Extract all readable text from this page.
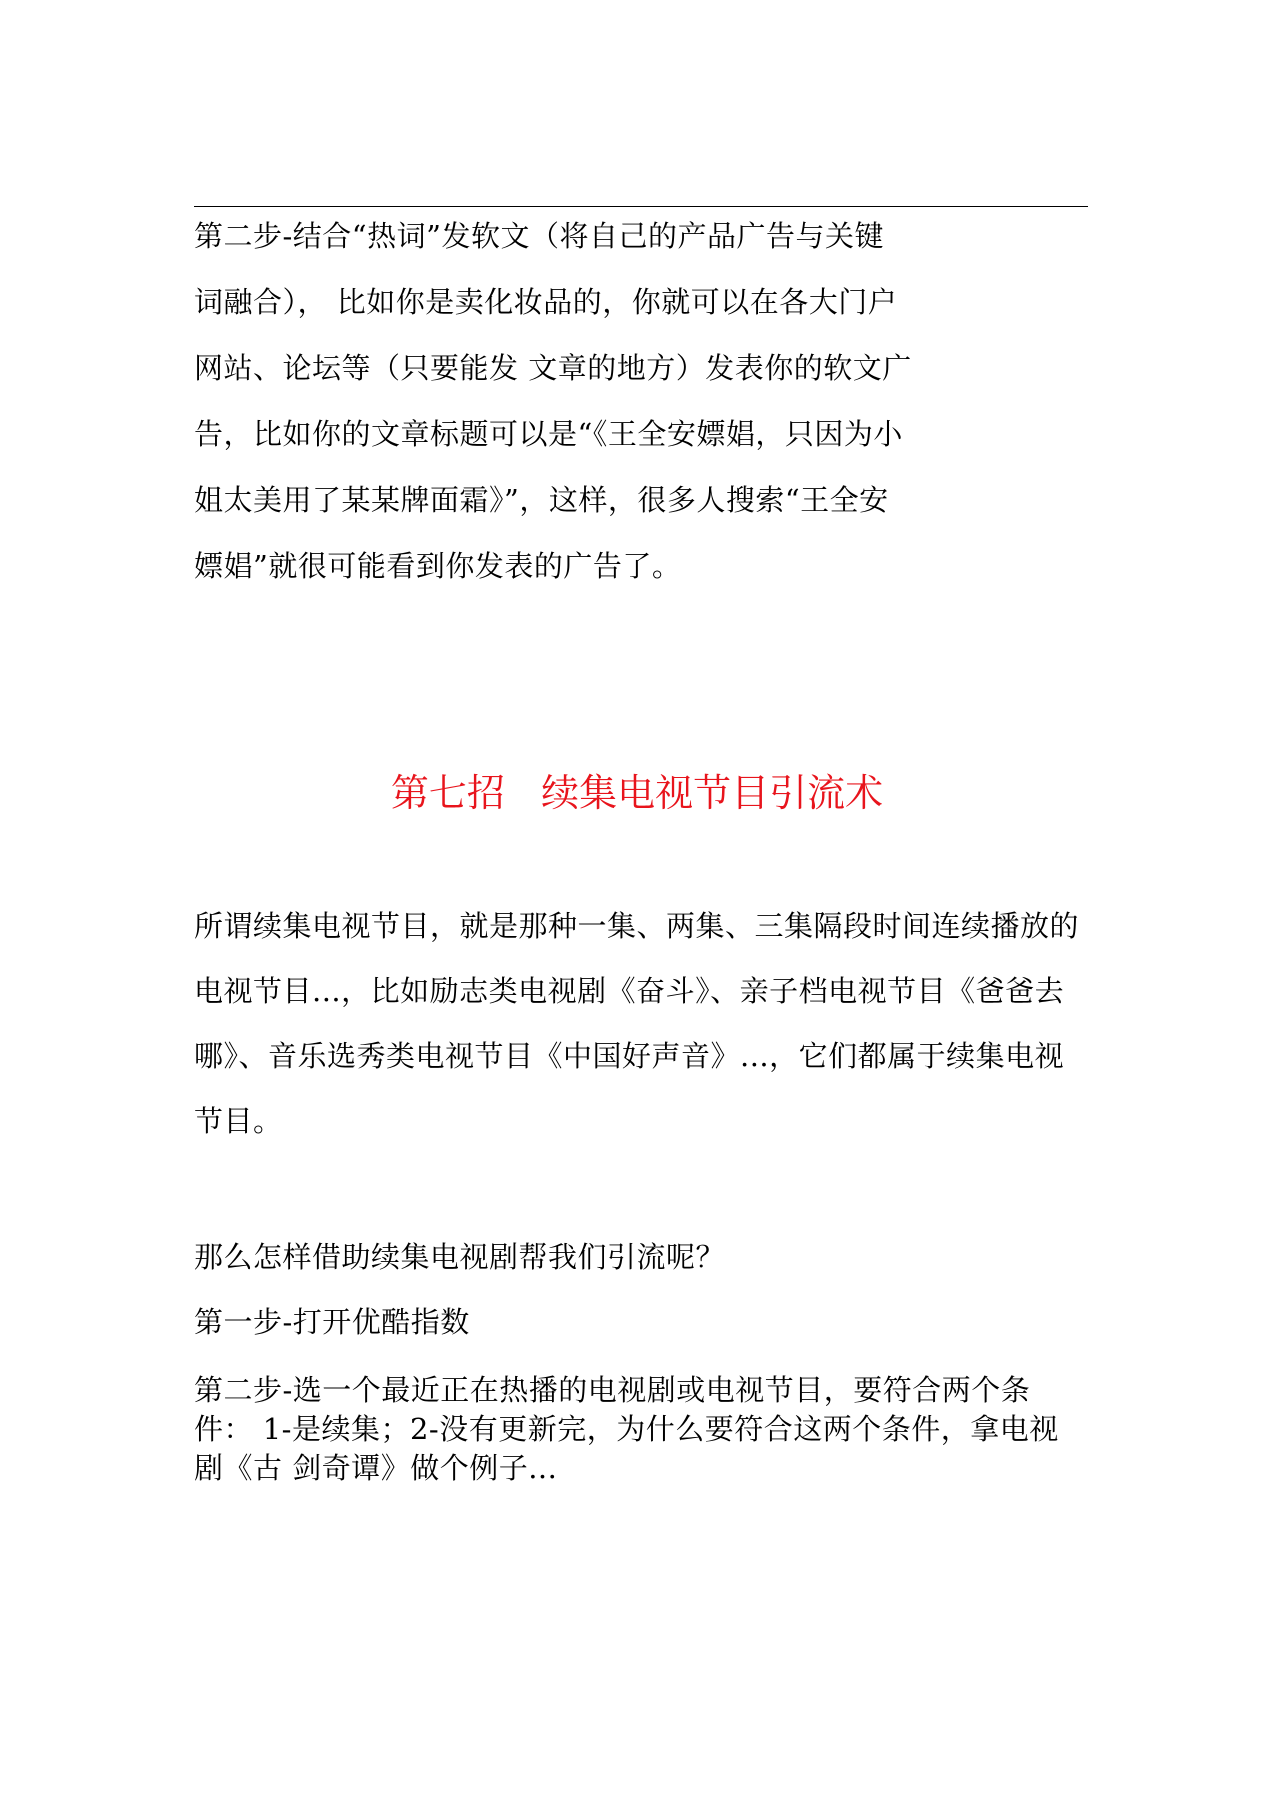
第二步-结合“热词”发软文（将自己的产品广告与关键
词融合）， 比如你是卖化妆品的，你就可以在各大门户
网站、论坛等（只要能发 文章的地方）发表你的软文广
告，比如你的文章标题可以是“《王全安嫖娼，只因为小
姐太美用了某某牌面霜》”，这样，很多人搜索“王全安
嫖娼”就很可能看到你发表的广告了。
第七招   续集电视节目引流术
所谓续集电视节目，就是那种一集、两集、三集隔段时间连续播放的
电视节目...，比如励志类电视剧《奋斗》、亲子档电视节目《爸爸去
哪》、音乐选秀类电视节目《中国好声音》...，它们都属于续集电视
节目。
那么怎样借助续集电视剧帮我们引流呢？
第一步-打开优酷指数
第二步-选一个最近正在热播的电视剧或电视节目，要符合两个条
件： 1-是续集；2-没有更新完，为什么要符合这两个条件，拿电视
剧《古 剑奇谭》做个例子...
